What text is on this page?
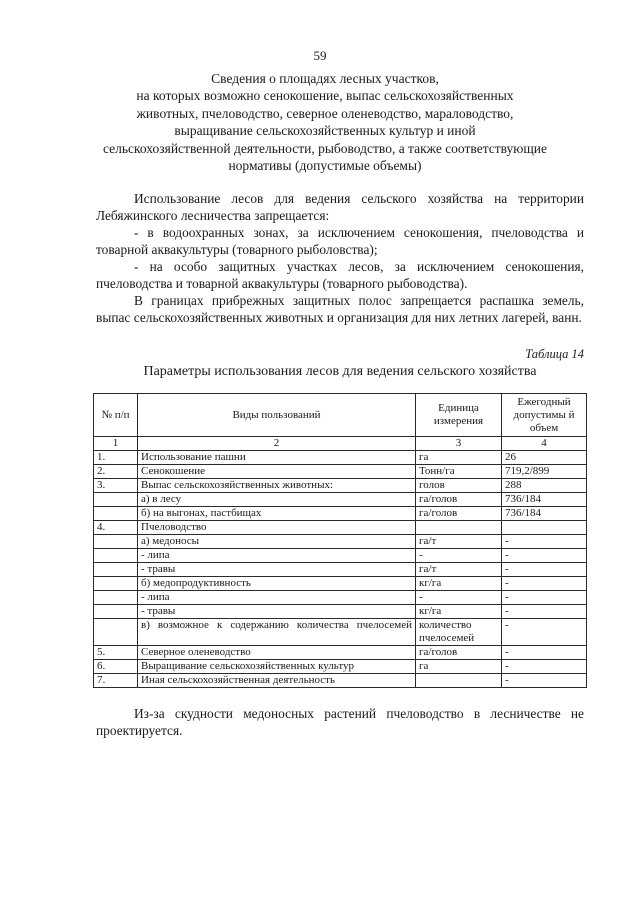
59
Сведения о площадях лесных участков,
на которых возможно сенокошение, выпас сельскохозяйственных
животных, пчеловодство, северное оленеводство, мараловодство,
выращивание сельскохозяйственных культур и иной
сельскохозяйственной деятельности, рыбоводство, а также соответствующие
нормативы (допустимые объемы)

Использование лесов для ведения сельского хозяйства на территории Лебяжинского лесничества запрещается:

- в водоохранных зонах, за исключением сенокошения, пчеловодства и товарной аквакультуры (товарного рыболовства);

- на особо защитных участках лесов, за исключением сенокошения, пчеловодства и товарной аквакультуры (товарного рыбоводства).

В границах прибрежных защитных полос запрещается распашка земель, выпас сельскохозяйственных животных и организация для них летних лагерей, ванн.

Таблица 14
Параметры использования лесов для ведения сельского хозяйства
№ п/п	Виды пользований	Единица измерения	Ежегодный допустимы й объем
1	2	3	4
1.	Использование пашни	га	26
2.	Сенокошение	Тонн/га	719,2/899
3.	Выпас сельскохозяйственных животных:	голов	288
	а) в лесу	га/голов	736/184
	б) на выгонах, пастбищах	га/голов	736/184
4.	Пчеловодство		
	а) медоносы	га/т	-
	- липа	-	-
	- травы	га/т	-
	б) медопродуктивность	кг/га	-
	- липа	-	-
	- травы	кг/га	-

	в) возможное к содержанию количества пчелосемей	количество пчелосемей	-
5.	Северное оленеводство	га/голов	-
6.	Выращивание сельскохозяйственных культур	га	-
7.	Иная сельскохозяйственная деятельность		-

Из-за скудности медоносных растений пчеловодство в лесничестве не проектируется.
